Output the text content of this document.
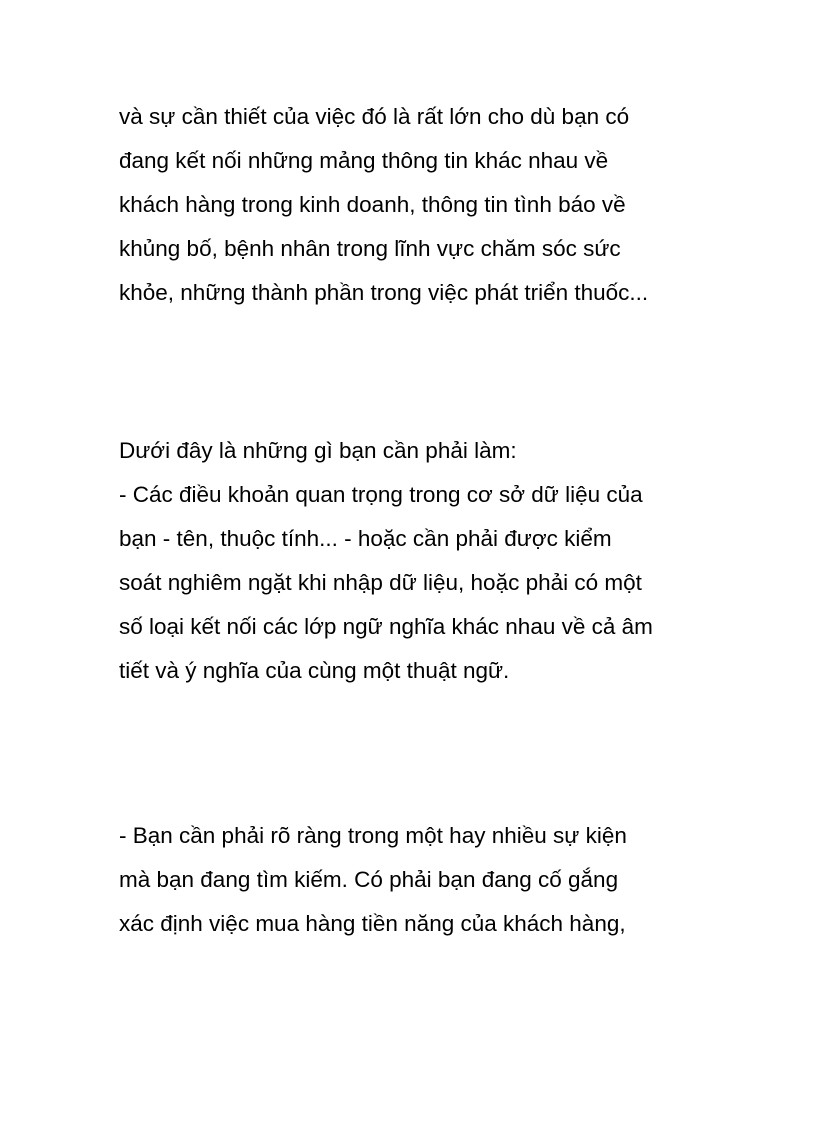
và sự cần thiết của việc đó là rất lớn cho dù bạn có
đang kết nối những mảng thông tin khác nhau về
khách hàng trong kinh doanh, thông tin tình báo về
khủng bố, bệnh nhân trong lĩnh vực chăm sóc sức
khỏe, những thành phần trong việc phát triển thuốc...
Dưới đây là những gì bạn cần phải làm:
- Các điều khoản quan trọng trong cơ sở dữ liệu của
bạn - tên, thuộc tính... - hoặc cần phải được kiểm
soát nghiêm ngặt khi nhập dữ liệu, hoặc phải có một
số loại kết nối các lớp ngữ nghĩa khác nhau về cả âm
tiết và ý nghĩa của cùng một thuật ngữ.
- Bạn cần phải rõ ràng trong một hay nhiều sự kiện
mà bạn đang tìm kiếm. Có phải bạn đang cố gắng
xác định việc mua hàng tiền năng của khách hàng,
